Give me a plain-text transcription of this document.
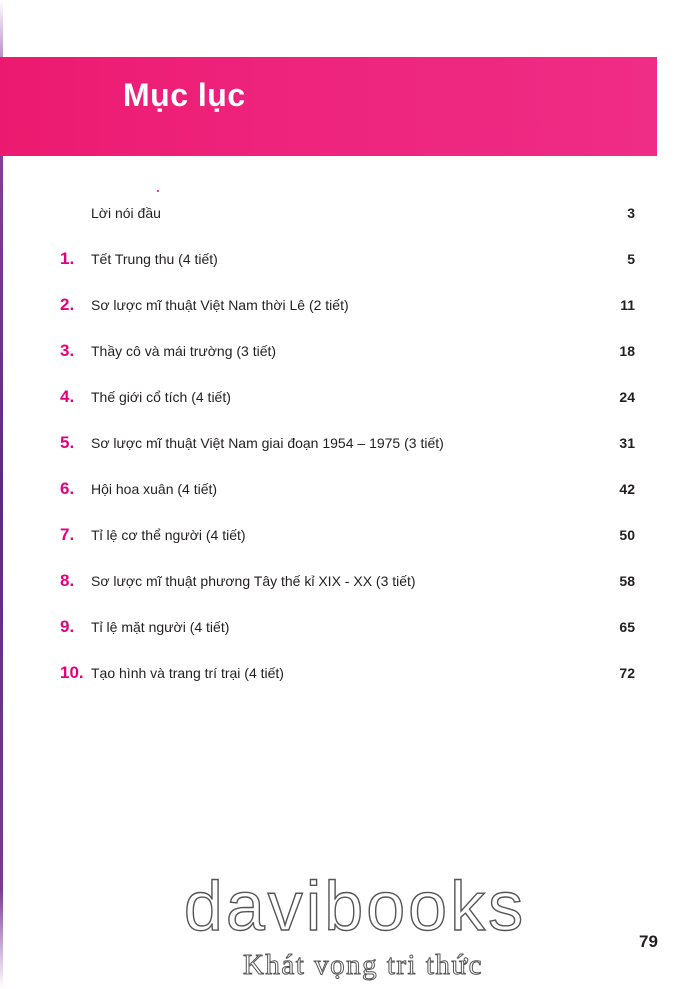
Mục lục
Lời nói đầu	3
1.	Tết Trung thu (4 tiết)	5
2.	Sơ lược mĩ thuật Việt Nam thời Lê (2 tiết)	11
3.	Thầy cô và mái trường (3 tiết)	18
4.	Thế giới cổ tích (4 tiết)	24
5.	Sơ lược mĩ thuật Việt Nam giai đoạn 1954 – 1975 (3 tiết)	31
6.	Hội hoa xuân (4 tiết)	42
7.	Tỉ lệ cơ thể người (4 tiết)	50
8.	Sơ lược mĩ thuật phương Tây thế kỉ XIX - XX (3 tiết)	58
9.	Tỉ lệ mặt người (4 tiết)	65
10. Tạo hình và trang trí trại (4 tiết)	72
davibooks
Khát vọng tri thức
79
